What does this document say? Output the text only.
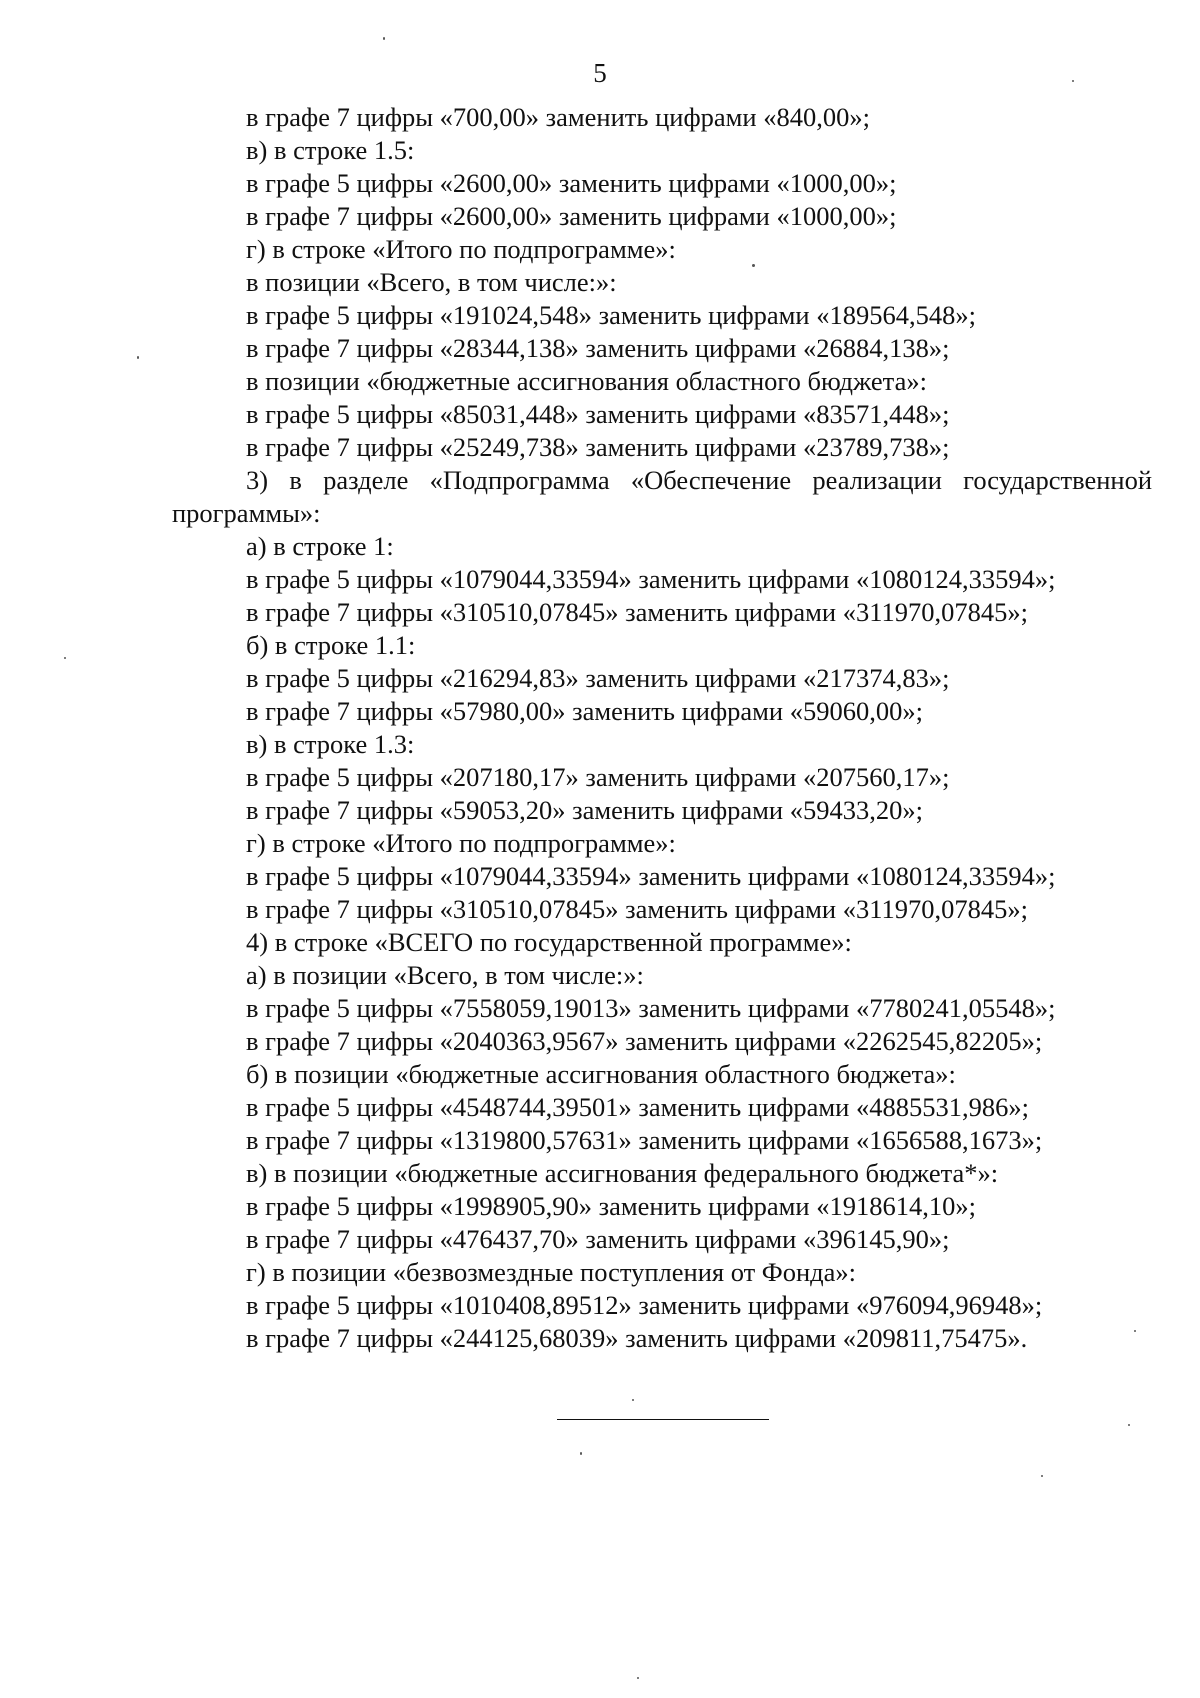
5
в графе 7 цифры «700,00» заменить цифрами «840,00»;
в) в строке 1.5:
в графе 5 цифры «2600,00» заменить цифрами «1000,00»;
в графе 7 цифры «2600,00» заменить цифрами «1000,00»;
г) в строке «Итого по подпрограмме»:
в позиции «Всего, в том числе:»:
в графе 5 цифры «191024,548» заменить цифрами «189564,548»;
в графе 7 цифры «28344,138» заменить цифрами «26884,138»;
в позиции «бюджетные ассигнования областного бюджета»:
в графе 5 цифры «85031,448» заменить цифрами «83571,448»;
в графе 7 цифры «25249,738» заменить цифрами «23789,738»;
3) в разделе «Подпрограмма «Обеспечение реализации государственной
программы»:
а) в строке 1:
в графе 5 цифры «1079044,33594» заменить цифрами «1080124,33594»;
в графе 7 цифры «310510,07845» заменить цифрами «311970,07845»;
б) в строке 1.1:
в графе 5 цифры «216294,83» заменить цифрами «217374,83»;
в графе 7 цифры «57980,00» заменить цифрами «59060,00»;
в) в строке 1.3:
в графе 5 цифры «207180,17» заменить цифрами «207560,17»;
в графе 7 цифры «59053,20» заменить цифрами «59433,20»;
г) в строке «Итого по подпрограмме»:
в графе 5 цифры «1079044,33594» заменить цифрами «1080124,33594»;
в графе 7 цифры «310510,07845» заменить цифрами «311970,07845»;
4) в строке «ВСЕГО по государственной программе»:
а) в позиции «Всего, в том числе:»:
в графе 5 цифры «7558059,19013» заменить цифрами «7780241,05548»;
в графе 7 цифры «2040363,9567» заменить цифрами «2262545,82205»;
б) в позиции «бюджетные ассигнования областного бюджета»:
в графе 5 цифры «4548744,39501» заменить цифрами «4885531,986»;
в графе 7 цифры «1319800,57631» заменить цифрами «1656588,1673»;
в) в позиции «бюджетные ассигнования федерального бюджета*»:
в графе 5 цифры «1998905,90» заменить цифрами «1918614,10»;
в графе 7 цифры «476437,70» заменить цифрами «396145,90»;
г) в позиции «безвозмездные поступления от Фонда»:
в графе 5 цифры «1010408,89512» заменить цифрами «976094,96948»;
в графе 7 цифры «244125,68039» заменить цифрами «209811,75475».
